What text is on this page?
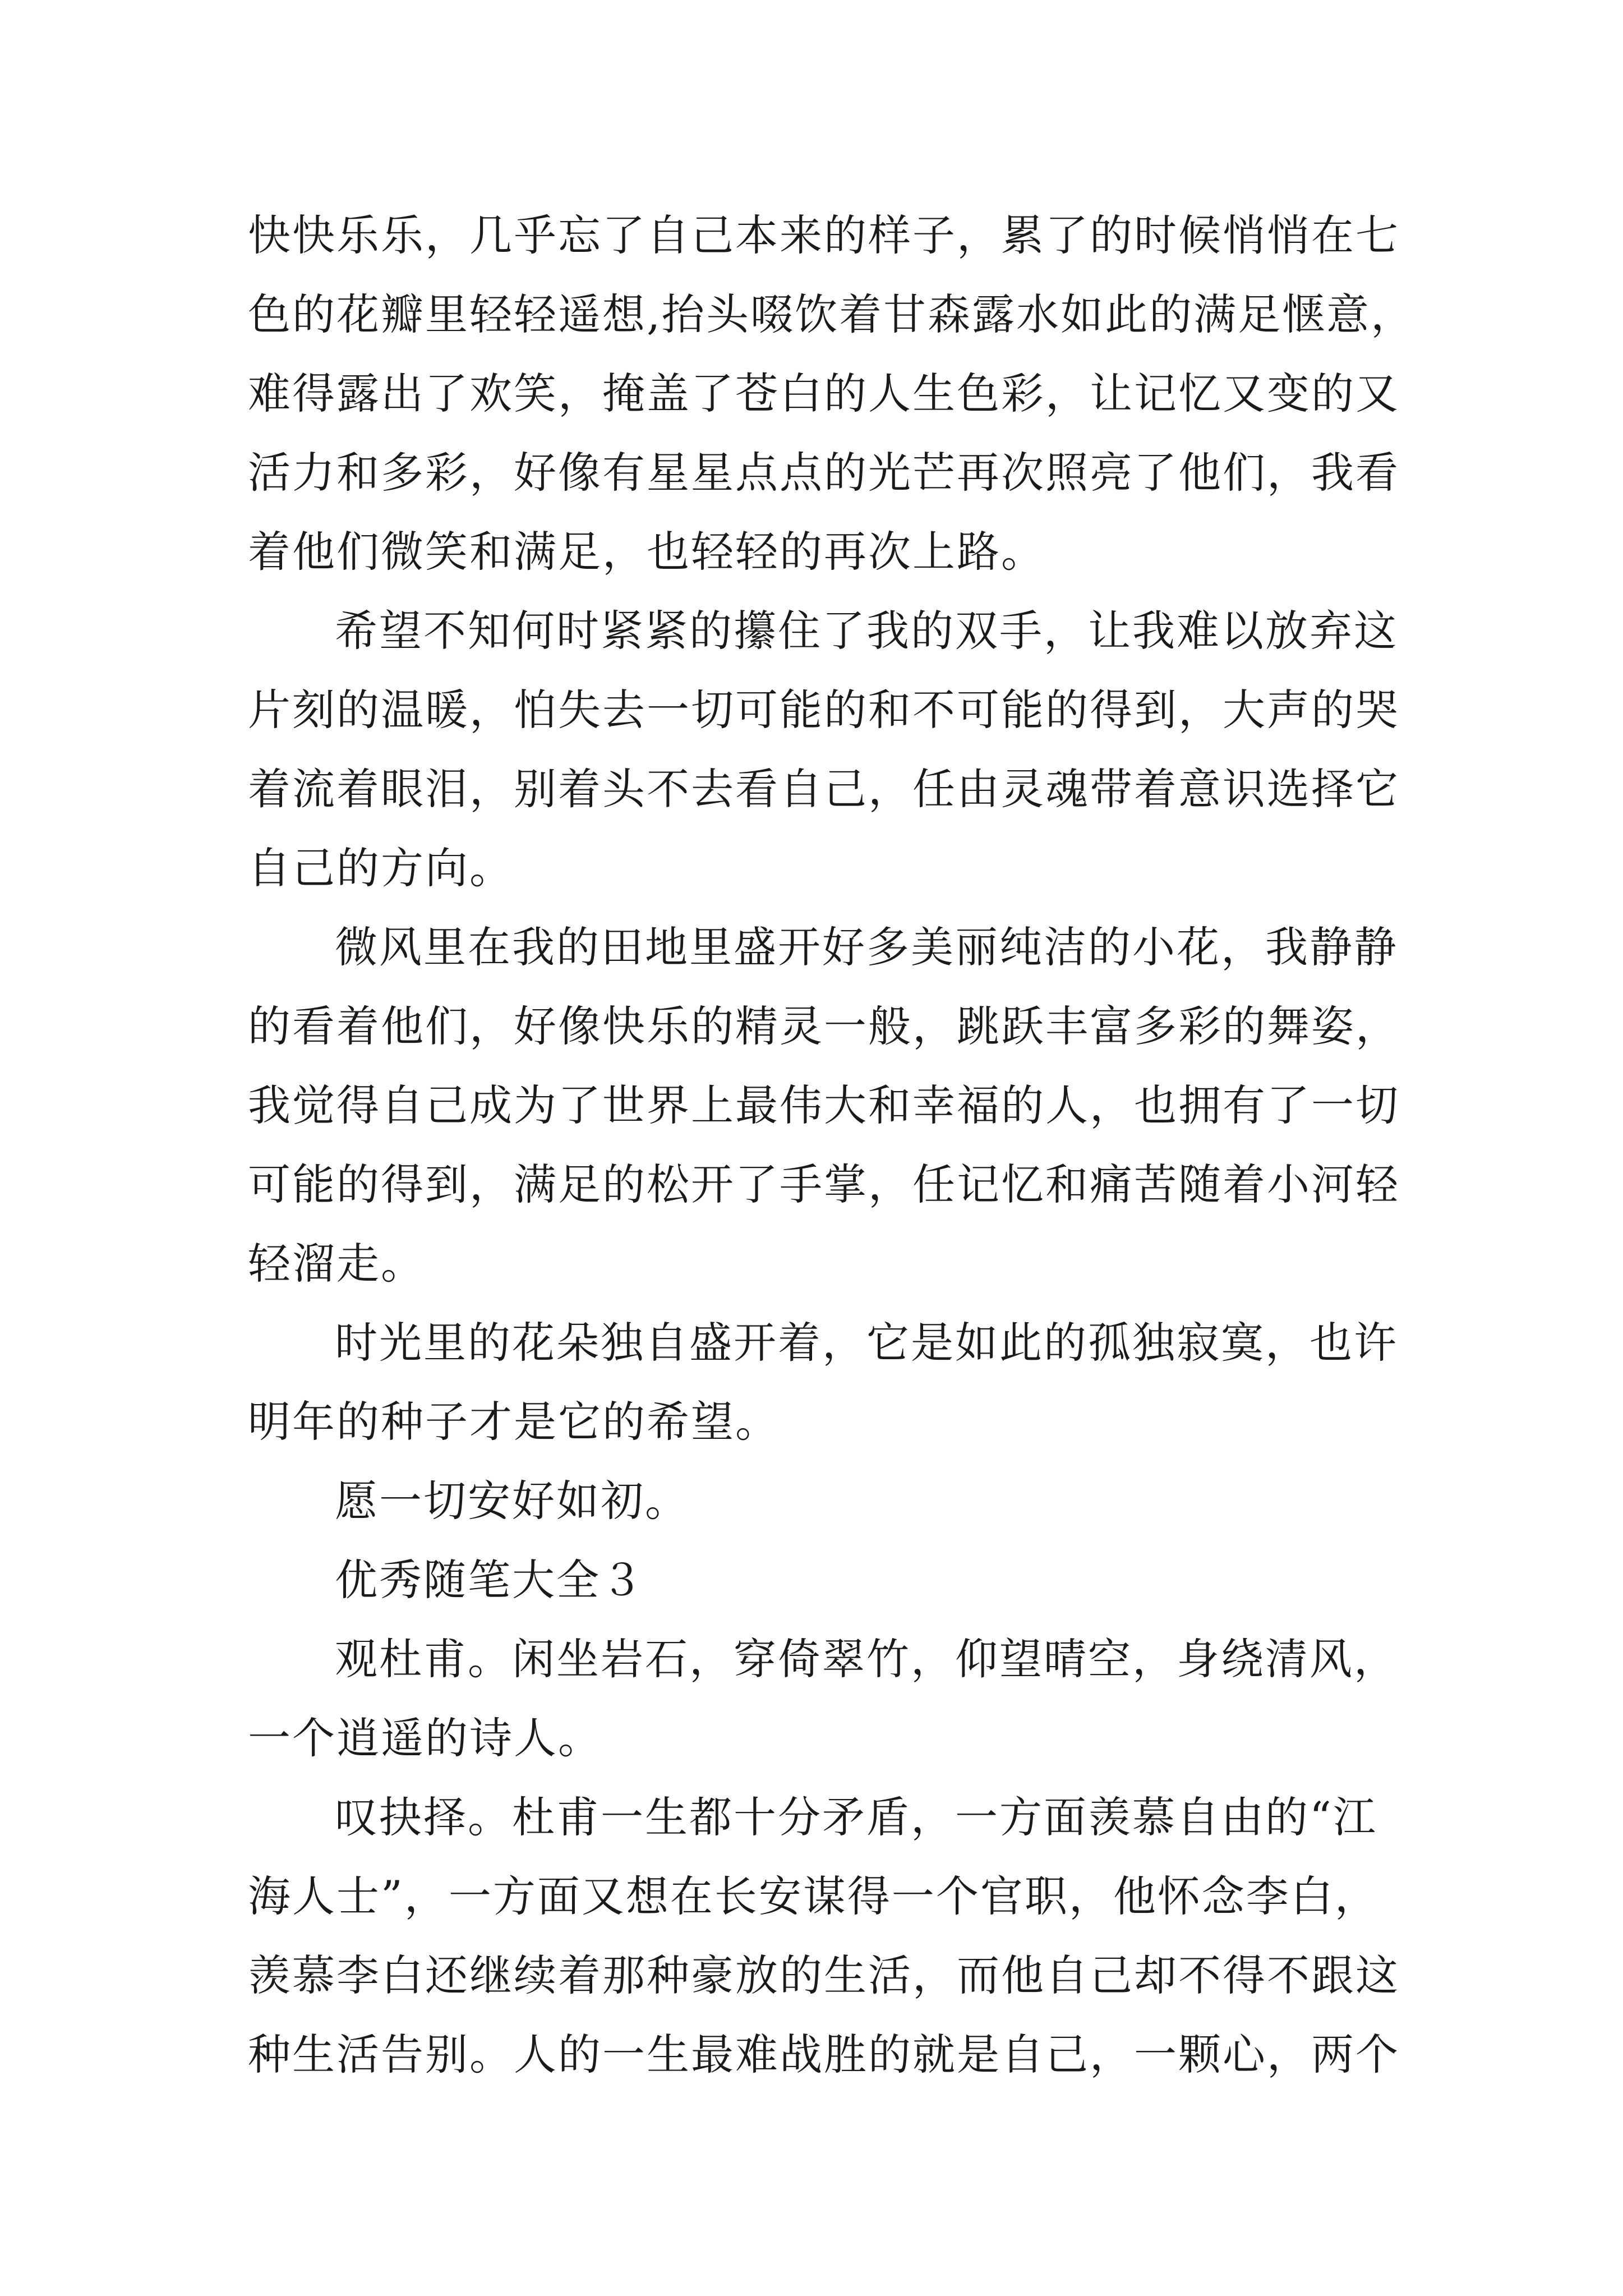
快快乐乐，几乎忘了自己本来的样子，累了的时候悄悄在七
色的花瓣里轻轻遥想,抬头啜饮着甘森露水如此的满足惬意，
难得露出了欢笑，掩盖了苍白的人生色彩，让记忆又变的又
活力和多彩，好像有星星点点的光芒再次照亮了他们，我看
着他们微笑和满足，也轻轻的再次上路。
希望不知何时紧紧的攥住了我的双手，让我难以放弃这
片刻的温暖，怕失去一切可能的和不可能的得到，大声的哭
着流着眼泪，别着头不去看自己，任由灵魂带着意识选择它
自己的方向。
微风里在我的田地里盛开好多美丽纯洁的小花，我静静
的看着他们，好像快乐的精灵一般，跳跃丰富多彩的舞姿，
我觉得自己成为了世界上最伟大和幸福的人，也拥有了一切
可能的得到，满足的松开了手掌，任记忆和痛苦随着小河轻
轻溜走。
时光里的花朵独自盛开着，它是如此的孤独寂寞，也许
明年的种子才是它的希望。
愿一切安好如初。
优秀随笔大全３
观杜甫。闲坐岩石，穿倚翠竹，仰望晴空，身绕清风，
一个逍遥的诗人。
叹抉择。杜甫一生都十分矛盾，一方面羡慕自由的“江
海人士”，一方面又想在长安谋得一个官职，他怀念李白，
羡慕李白还继续着那种豪放的生活，而他自己却不得不跟这
种生活告别。人的一生最难战胜的就是自己，一颗心，两个
